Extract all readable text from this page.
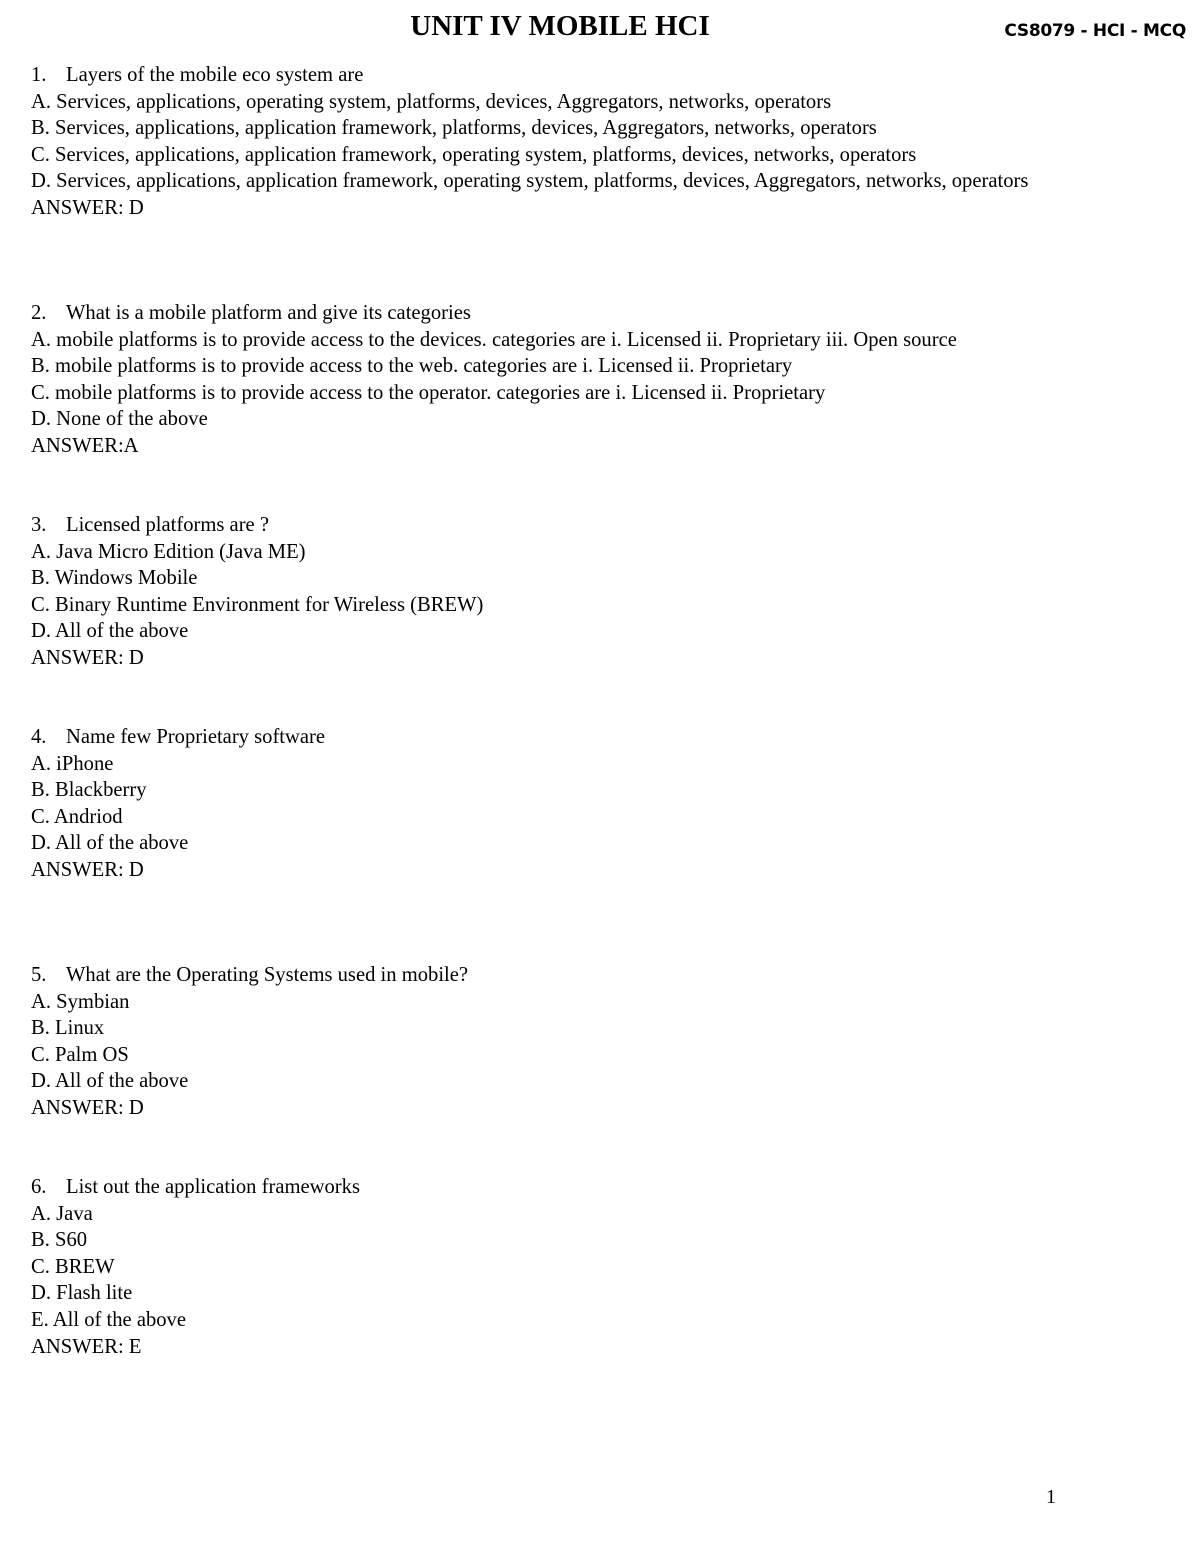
UNIT IV MOBILE HCI	CS8079 - HCI - MCQ

1. Layers of the mobile eco system are

A. Services, applications, operating system, platforms, devices, Aggregators, networks, operators

B. Services, applications, application framework, platforms, devices, Aggregators, networks, operators

C. Services, applications, application framework, operating system, platforms, devices, networks, operators

D. Services, applications, application framework, operating system, platforms, devices, Aggregators, networks, operators

ANSWER: D

2. What is a mobile platform and give its categories

A. mobile platforms is to provide access to the devices. categories are i. Licensed ii. Proprietary iii. Open source

B. mobile platforms is to provide access to the web. categories are i. Licensed ii. Proprietary

C. mobile platforms is to provide access to the operator. categories are i. Licensed ii. Proprietary

D. None of the above

ANSWER:A

3. Licensed platforms are ?

A. Java Micro Edition (Java ME)

B. Windows Mobile

C. Binary Runtime Environment for Wireless (BREW)

D. All of the above

ANSWER: D

4. Name few Proprietary software

A. iPhone

B. Blackberry

C. Andriod

D. All of the above

ANSWER: D

5. What are the Operating Systems used in mobile?

A. Symbian

B. Linux

C. Palm OS

D. All of the above

ANSWER: D

6. List out the application frameworks

A. Java

B. S60

C. BREW

D. Flash lite

E. All of the above

ANSWER: E

1
